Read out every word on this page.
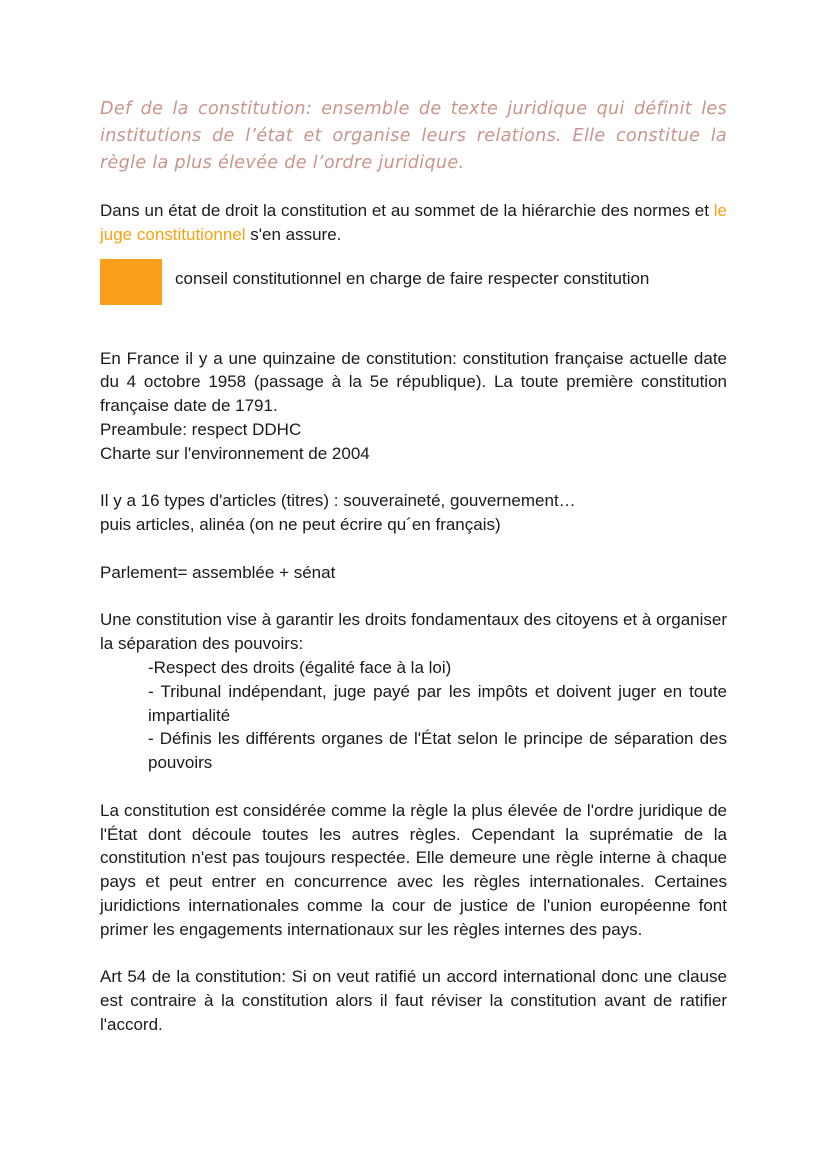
Def de la constitution: ensemble de texte juridique qui définit les institutions de l’état et organise leurs relations. Elle constitue la règle la plus élevée de l’ordre juridique.

Dans un état de droit la constitution et au sommet de la hiérarchie des normes et le juge constitutionnel s'en assure.

conseil constitutionnel en charge de faire respecter constitution

En France il y a une quinzaine de constitution: constitution française actuelle date du 4 octobre 1958 (passage à la 5e république). La toute première constitution française date de 1791.

Preambule: respect DDHC

Charte sur l'environnement de 2004

Il y a 16 types d'articles (titres) : souveraineté, gouvernement…

puis articles, alinéa (on ne peut écrire qu´en français)

Parlement= assemblée + sénat

Une constitution vise à garantir les droits fondamentaux des citoyens et à organiser la séparation des pouvoirs:

-Respect des droits (égalité face à la loi)

- Tribunal indépendant, juge payé par les impôts et doivent juger en toute impartialité

- Définis les différents organes de l'État selon le principe de séparation des pouvoirs

La constitution est considérée comme la règle la plus élevée de l'ordre juridique de l'État dont découle toutes les autres règles. Cependant la suprématie de la constitution n'est pas toujours respectée. Elle demeure une règle interne à chaque pays et peut entrer en concurrence avec les règles internationales. Certaines juridictions internationales comme la cour de justice de l'union européenne font primer les engagements internationaux sur les règles internes des pays.

Art 54 de la constitution: Si on veut ratifié un accord international donc une clause est contraire à la constitution alors il faut réviser la constitution avant de ratifier l'accord.
